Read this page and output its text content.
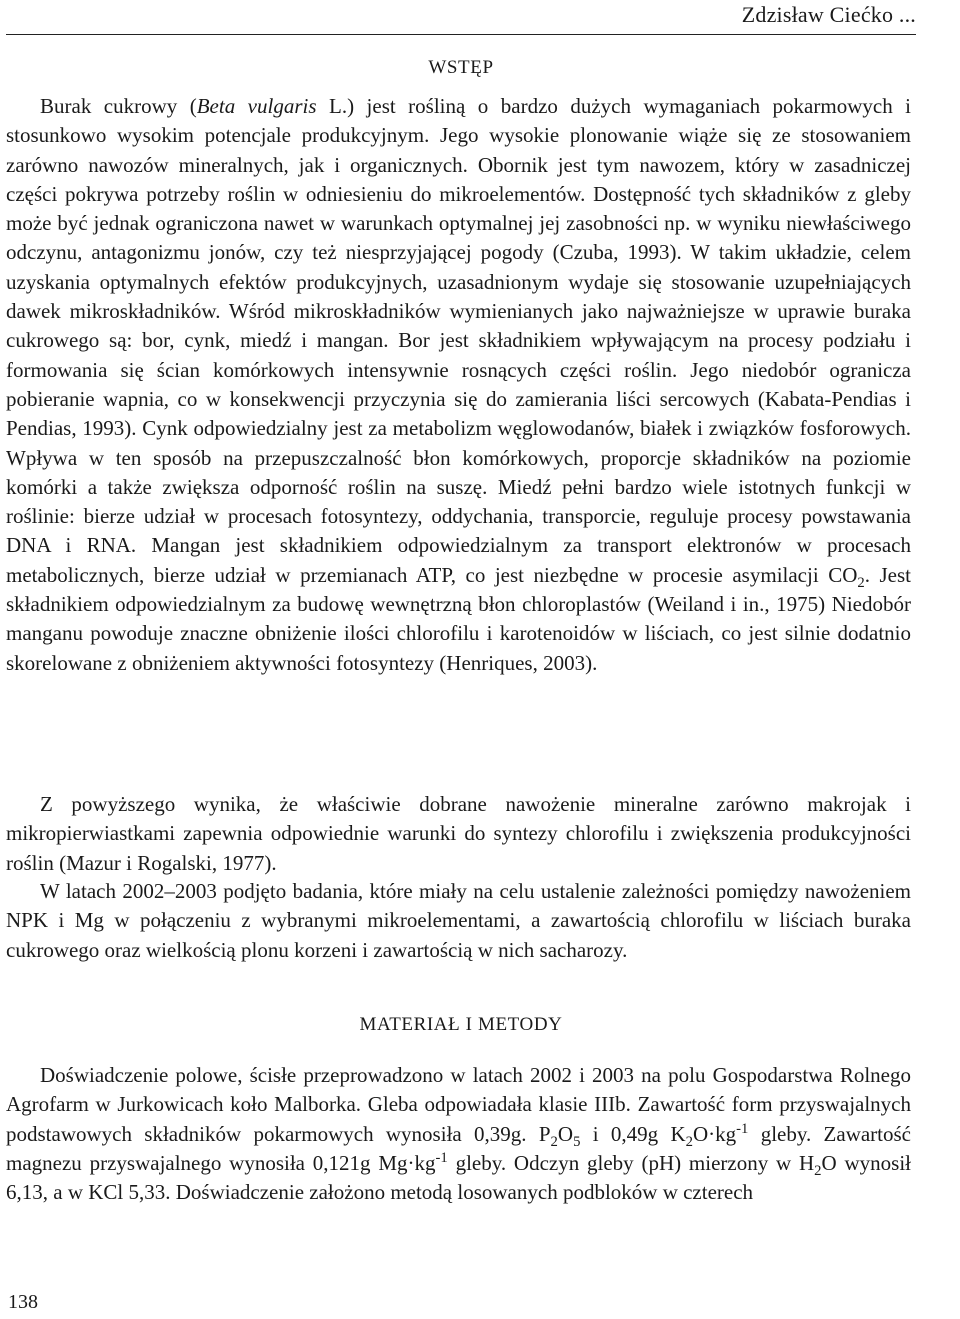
Zdzisław Ciećko ...
WSTĘP

Burak cukrowy (Beta vulgaris L.) jest rośliną o bardzo dużych wymaganiach pokarmowych i stosunkowo wysokim potencjale produkcyjnym. Jego wysokie plonowanie wiąże się ze stosowaniem zarówno nawozów mineralnych, jak i organicznych. Obornik jest tym nawozem, który w zasadniczej części pokrywa potrzeby roślin w odniesieniu do mikroelementów. Dostępność tych składników z gleby może być jednak ograniczona nawet w warunkach optymalnej jej zasobności np. w wyniku niewłaściwego odczynu, antagonizmu jonów, czy też niesprzyjającej pogody (Czuba, 1993). W takim układzie, celem uzyskania optymalnych efektów produkcyjnych, uzasadnionym wydaje się stosowanie uzupełniających dawek mikroskładników. Wśród mikroskładników wymienianych jako najważniejsze w uprawie buraka cukrowego są: bor, cynk, miedź i mangan. Bor jest składnikiem wpływającym na procesy podziału i formowania się ścian komórkowych intensywnie rosnących części roślin. Jego niedobór ogranicza pobieranie wapnia, co w konsekwencji przyczynia się do zamierania liści sercowych (Kabata-Pendias i Pendias, 1993). Cynk odpowiedzialny jest za metabolizm węglowodanów, białek i związków fosforowych. Wpływa w ten sposób na przepuszczalność błon komórkowych, proporcje składników na poziomie komórki a także zwiększa odporność roślin na suszę. Miedź pełni bardzo wiele istotnych funkcji w roślinie: bierze udział w procesach fotosyntezy, oddychania, transporcie, reguluje procesy powstawania DNA i RNA. Mangan jest składnikiem odpowiedzialnym za transport elektronów w procesach metabolicznych, bierze udział w przemianach ATP, co jest niezbędne w procesie asymilacji $CO_2$. Jest składnikiem odpowiedzialnym za budowę wewnętrzną błon chloroplastów (Weiland i in., 1975) Niedobór manganu powoduje znaczne obniżenie ilości chlorofilu i karotenoidów w liściach, co jest silnie dodatnio skorelowane z obniżeniem aktywności fotosyntezy (Henriques, 2003).

Z powyższego wynika, że właściwie dobrane nawożenie mineralne zarówno makrojak i mikropierwiastkami zapewnia odpowiednie warunki do syntezy chlorofilu i zwiększenia produkcyjności roślin (Mazur i Rogalski, 1977).

W latach 2002–2003 podjęto badania, które miały na celu ustalenie zależności pomiędzy nawożeniem NPK i Mg w połączeniu z wybranymi mikroelementami, a zawartością chlorofilu w liściach buraka cukrowego oraz wielkością plonu korzeni i zawartością w nich sacharozy.

MATERIAŁ I METODY

Doświadczenie polowe, ścisłe przeprowadzono w latach 2002 i 2003 na polu Gospodarstwa Rolnego Agrofarm w Jurkowicach koło Malborka. Gleba odpowiadała klasie IIIb. Zawartość form przyswajalnych podstawowych składników pokarmowych wynosiła 0,39g. $P_2O_5$ i 0,49g $K_2O\cdot kg^{-1}$ gleby. Zawartość magnezu przyswajalnego wynosiła 0,121g $Mg\cdot kg^{-1}$ gleby. Odczyn gleby (pH) mierzony w $H_2O$ wynosił 6,13, a w KCl 5,33. Doświadczenie założono metodą losowanych podbloków w czterech

138
